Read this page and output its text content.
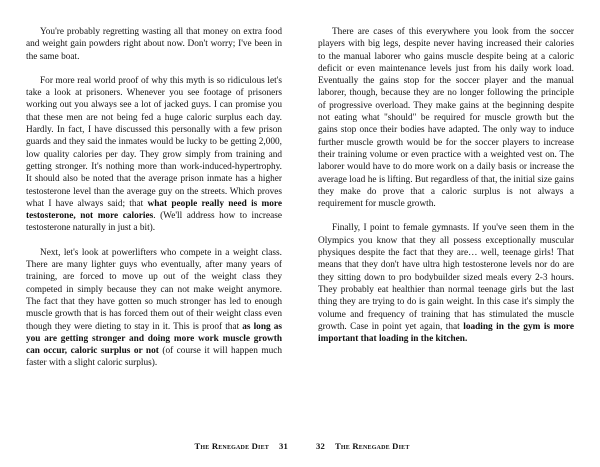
You're probably regretting wasting all that money on extra food and weight gain powders right about now. Don't worry; I've been in the same boat.

For more real world proof of why this myth is so ridiculous let's take a look at prisoners. Whenever you see footage of prisoners working out you always see a lot of jacked guys. I can promise you that these men are not being fed a huge caloric surplus each day. Hardly. In fact, I have discussed this personally with a few prison guards and they said the inmates would be lucky to be getting 2,000, low quality calories per day. They grow simply from training and getting stronger. It's nothing more than work-induced-hypertrophy. It should also be noted that the average prison inmate has a higher testosterone level than the average guy on the streets. Which proves what I have always said; that what people really need is more testosterone, not more calories. (We'll address how to increase testosterone naturally in just a bit).

Next, let's look at powerlifters who compete in a weight class. There are many lighter guys who eventually, after many years of training, are forced to move up out of the weight class they competed in simply because they can not make weight anymore. The fact that they have gotten so much stronger has led to enough muscle growth that is has forced them out of their weight class even though they were dieting to stay in it. This is proof that as long as you are getting stronger and doing more work muscle growth can occur, caloric surplus or not (of course it will happen much faster with a slight caloric surplus).

The Renegade Diet 31

There are cases of this everywhere you look from the soccer players with big legs, despite never having increased their calories to the manual laborer who gains muscle despite being at a caloric deficit or even maintenance levels just from his daily work load. Eventually the gains stop for the soccer player and the manual laborer, though, because they are no longer following the principle of progressive overload. They make gains at the beginning despite not eating what "should" be required for muscle growth but the gains stop once their bodies have adapted. The only way to induce further muscle growth would be for the soccer players to increase their training volume or even practice with a weighted vest on. The laborer would have to do more work on a daily basis or increase the average load he is lifting. But regardless of that, the initial size gains they make do prove that a caloric surplus is not always a requirement for muscle growth.

Finally, I point to female gymnasts. If you've seen them in the Olympics you know that they all possess exceptionally muscular physiques despite the fact that they are… well, teenage girls! That means that they don't have ultra high testosterone levels nor do are they sitting down to pro bodybuilder sized meals every 2-3 hours. They probably eat healthier than normal teenage girls but the last thing they are trying to do is gain weight. In this case it's simply the volume and frequency of training that has stimulated the muscle growth. Case in point yet again, that loading in the gym is more important that loading in the kitchen.

32 The Renegade Diet
